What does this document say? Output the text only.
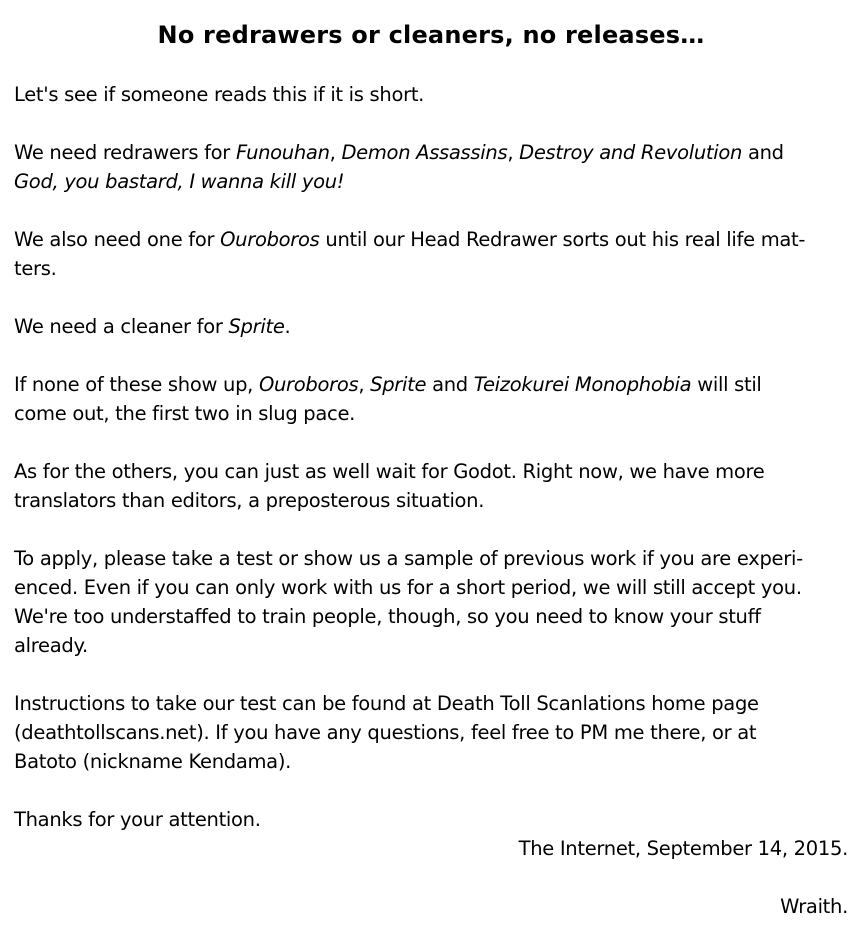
No redrawers or cleaners, no releases…

Let's see if someone reads this if it is short.

We need redrawers for Funouhan, Demon Assassins, Destroy and Revolution and
God, you bastard, I wanna kill you!

We also need one for Ouroboros until our Head Redrawer sorts out his real life mat-
ters.

We need a cleaner for Sprite.

If none of these show up, Ouroboros, Sprite and Teizokurei Monophobia will stil
come out, the first two in slug pace.

As for the others, you can just as well wait for Godot. Right now, we have more
translators than editors, a preposterous situation.

To apply, please take a test or show us a sample of previous work if you are experi-
enced. Even if you can only work with us for a short period, we will still accept you.
We're too understaffed to train people, though, so you need to know your stuff
already.

Instructions to take our test can be found at Death Toll Scanlations home page
(deathtollscans.net). If you have any questions, feel free to PM me there, or at
Batoto (nickname Kendama).

Thanks for your attention.

The Internet, September 14, 2015.

Wraith.
